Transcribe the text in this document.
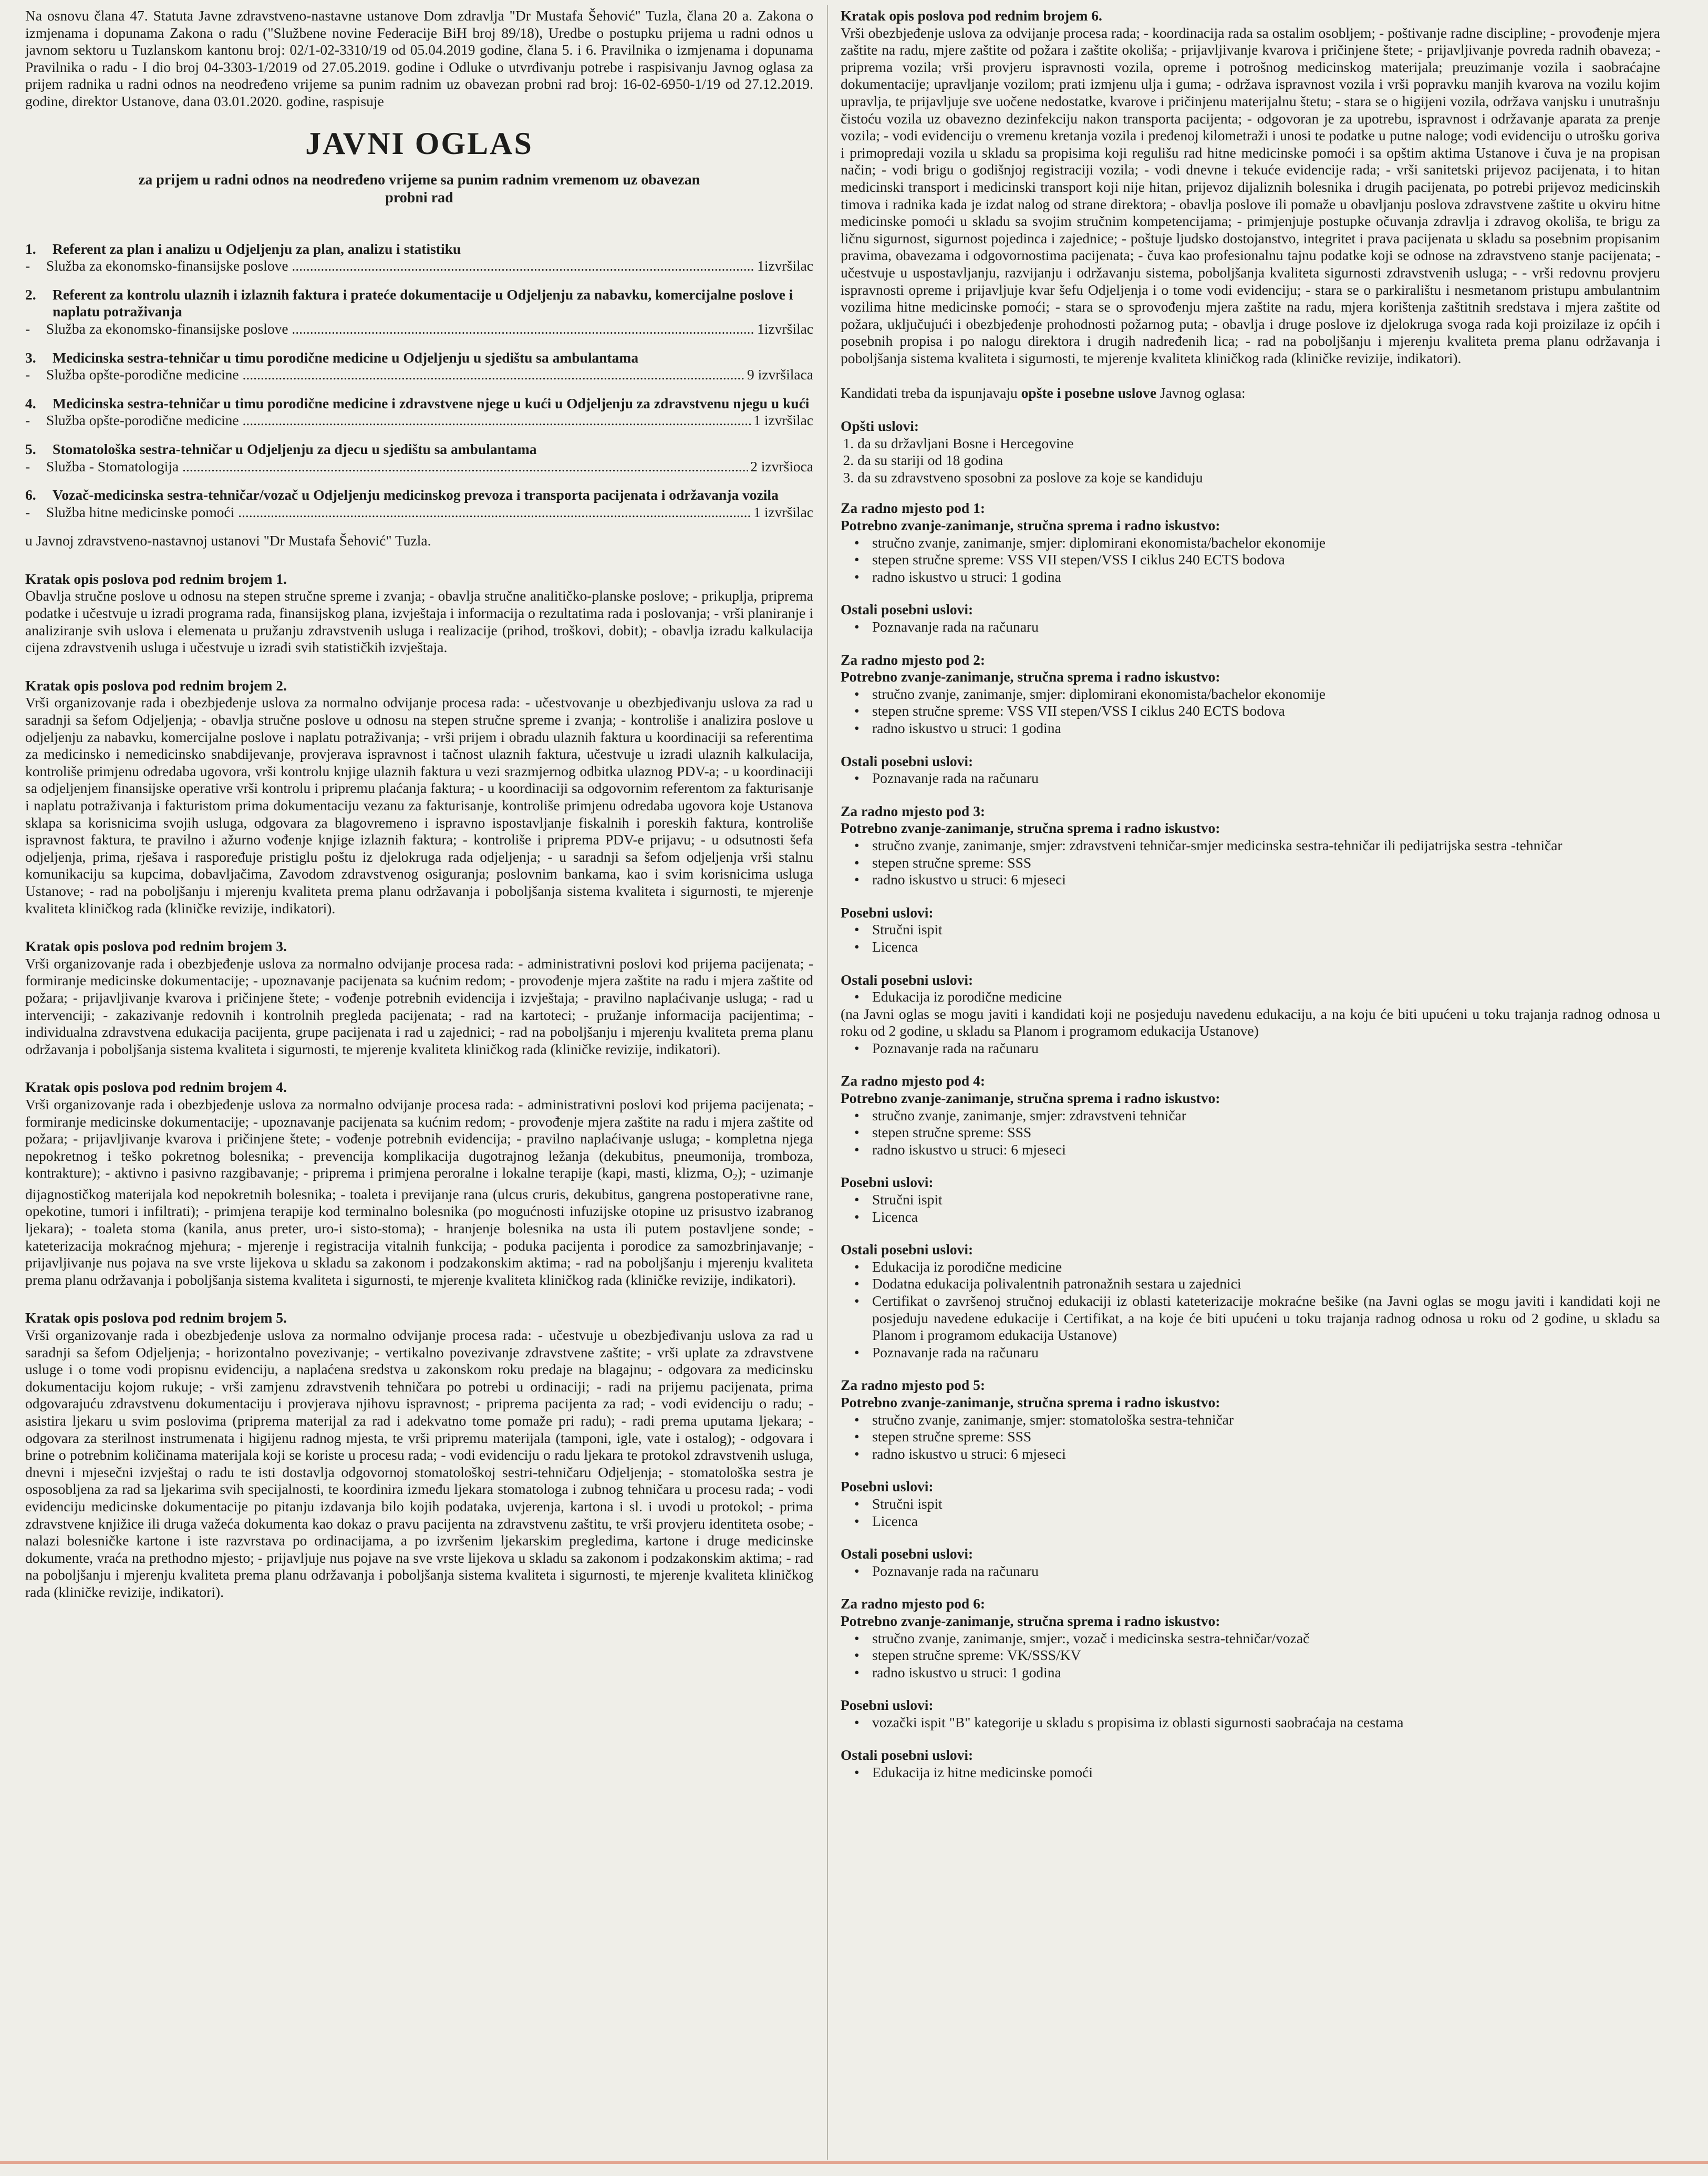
Na osnovu člana 47. Statuta Javne zdravstveno-nastavne ustanove Dom zdravlja "Dr Mustafa Šehović" Tuzla, člana 20 a. Zakona o izmjenama i dopunama Zakona o radu ("Službene novine Federacije BiH broj 89/18), Uredbe o postupku prijema u radni odnos u javnom sektoru u Tuzlanskom kantonu broj: 02/1-02-3310/19 od 05.04.2019 godine, člana 5. i 6. Pravilnika o izmjenama i dopunama Pravilnika o radu - I dio broj 04-3303-1/2019 od 27.05.2019. godine i Odluke o utvrđivanju potrebe i raspisivanju Javnog oglasa za prijem radnika u radni odnos na neodređeno vrijeme sa punim radnim uz obavezan probni rad broj: 16-02-6950-1/19 od 27.12.2019. godine, direktor Ustanove, dana 03.01.2020. godine, raspisuje

JAVNI OGLAS
za prijem u radni odnos na neodređeno vrijeme sa punim radnim vremenom uz obavezan probni rad
1.	Referent za plan i analizu u Odjeljenju za plan, analizu i statistiku
-	Služba za ekonomsko-finansijske poslove .....	1izvršilac
2.	Referent za kontrolu ulaznih i izlaznih faktura i prateće dokumentacije u Odjeljenju za nabavku, komercijalne poslove i naplatu potraživanja
-	Služba za ekonomsko-finansijske poslove .....	1izvršilac
3.	Medicinska sestra-tehničar u timu porodične medicine u Odjeljenju u sjedištu sa ambulantama
-	Služba opšte-porodične medicine .....	9 izvršilaca
4.	Medicinska sestra-tehničar u timu porodične medicine i zdravstvene njege u kući u Odjeljenju za zdravstvenu njegu u kući
-	Služba opšte-porodične medicine .....	1 izvršilac
5.	Stomatološka sestra-tehničar u Odjeljenju za djecu u sjedištu sa ambulantama
-	Služba - Stomatologija .....	2 izvršioca
6.	Vozač-medicinska sestra-tehničar/vozač u Odjeljenju medicinskog prevoza i transporta pacijenata i održavanja vozila
-	Služba hitne medicinske pomoći .....	1 izvršilac

u Javnoj zdravstveno-nastavnoj ustanovi "Dr Mustafa Šehović" Tuzla.

Kratak opis poslova pod rednim brojem 1.

Obavlja stručne poslove u odnosu na stepen stručne spreme i zvanja; - obavlja stručne analitičko-planske poslove; - prikuplja, priprema podatke i učestvuje u izradi programa rada, finansijskog plana, izvještaja i informacija o rezultatima rada i poslovanja; - vrši planiranje i analiziranje svih uslova i elemenata u pružanju zdravstvenih usluga i realizacije (prihod, troškovi, dobit); - obavlja izradu kalkulacija cijena zdravstvenih usluga i učestvuje u izradi svih statističkih izvještaja.

Kratak opis poslova pod rednim brojem 2.

Vrši organizovanje rada i obezbjeđenje uslova za normalno odvijanje procesa rada: - učestvovanje u obezbjeđivanju uslova za rad u saradnji sa šefom Odjeljenja; - obavlja stručne poslove u odnosu na stepen stručne spreme i zvanja; - kontroliše i analizira poslove u odjeljenju za nabavku, komercijalne poslove i naplatu potraživanja; - vrši prijem i obradu ulaznih faktura u koordinaciji sa referentima za medicinsko i nemedicinsko snabdijevanje, provjerava ispravnost i tačnost ulaznih faktura, učestvuje u izradi ulaznih kalkulacija, kontroliše primjenu odredaba ugovora, vrši kontrolu knjige ulaznih faktura u vezi srazmjernog odbitka ulaznog PDV-a; - u koordinaciji sa odjeljenjem finansijske operative vrši kontrolu i pripremu plaćanja faktura; - u koordinaciji sa odgovornim referentom za fakturisanje i naplatu potraživanja i fakturistom prima dokumentaciju vezanu za fakturisanje, kontroliše primjenu odredaba ugovora koje Ustanova sklapa sa korisnicima svojih usluga, odgovara za blagovremeno i ispravno ispostavljanje fiskalnih i poreskih faktura, kontroliše ispravnost faktura, te pravilno i ažurno vođenje knjige izlaznih faktura; - kontroliše i priprema PDV-e prijavu; - u odsutnosti šefa odjeljenja, prima, rješava i raspoređuje pristiglu poštu iz djelokruga rada odjeljenja; - u saradnji sa šefom odjeljenja vrši stalnu komunikaciju sa kupcima, dobavljačima, Zavodom zdravstvenog osiguranja; poslovnim bankama, kao i svim korisnicima usluga Ustanove; - rad na poboljšanju i mjerenju kvaliteta prema planu održavanja i poboljšanja sistema kvaliteta i sigurnosti, te mjerenje kvaliteta kliničkog rada (kliničke revizije, indikatori).

Kratak opis poslova pod rednim brojem 3.

Vrši organizovanje rada i obezbjeđenje uslova za normalno odvijanje procesa rada: - administrativni poslovi kod prijema pacijenata; - formiranje medicinske dokumentacije; - upoznavanje pacijenata sa kućnim redom; - provođenje mjera zaštite na radu i mjera zaštite od požara; - prijavljivanje kvarova i pričinjene štete; - vođenje potrebnih evidencija i izvještaja; - pravilno naplaćivanje usluga; - rad u intervenciji; - zakazivanje redovnih i kontrolnih pregleda pacijenata; - rad na kartoteci; - pružanje informacija pacijentima; - individualna zdravstvena edukacija pacijenta, grupe pacijenata i rad u zajednici; - rad na poboljšanju i mjerenju kvaliteta prema planu održavanja i poboljšanja sistema kvaliteta i sigurnosti, te mjerenje kvaliteta kliničkog rada (kliničke revizije, indikatori).

Kratak opis poslova pod rednim brojem 4.

Vrši organizovanje rada i obezbjeđenje uslova za normalno odvijanje procesa rada: - administrativni poslovi kod prijema pacijenata; - formiranje medicinske dokumentacije; - upoznavanje pacijenata sa kućnim redom; - provođenje mjera zaštite na radu i mjera zaštite od požara; - prijavljivanje kvarova i pričinjene štete; - vođenje potrebnih evidencija; - pravilno naplaćivanje usluga; - kompletna njega nepokretnog i teško pokretnog bolesnika; - prevencija komplikacija dugotrajnog ležanja (dekubitus, pneumonija, tromboza, kontrakture); - aktivno i pasivno razgibavanje; - priprema i primjena peroralne i lokalne terapije (kapi, masti, klizma, $O_2$); - uzimanje dijagnostičkog materijala kod nepokretnih bolesnika; - toaleta i previjanje rana (ulcus cruris, dekubitus, gangrena postoperativne rane, opekotine, tumori i infiltrati); - primjena terapije kod terminalno bolesnika (po mogućnosti infuzijske otopine uz prisustvo izabranog ljekara); - toaleta stoma (kanila, anus preter, uro-i sisto-stoma); - hranjenje bolesnika na usta ili putem postavljene sonde; - kateterizacija mokraćnog mjehura; - mjerenje i registracija vitalnih funkcija; - poduka pacijenta i porodice za samozbrinjavanje; - prijavljivanje nus pojava na sve vrste lijekova u skladu sa zakonom i podzakonskim aktima; - rad na poboljšanju i mjerenju kvaliteta prema planu održavanja i poboljšanja sistema kvaliteta i sigurnosti, te mjerenje kvaliteta kliničkog rada (kliničke revizije, indikatori).

Kratak opis poslova pod rednim brojem 5.

Vrši organizovanje rada i obezbjeđenje uslova za normalno odvijanje procesa rada: - učestvuje u obezbjeđivanju uslova za rad u saradnji sa šefom Odjeljenja; - horizontalno povezivanje; - vertikalno povezivanje zdravstvene zaštite; - vrši uplate za zdravstvene usluge i o tome vodi propisnu evidenciju, a naplaćena sredstva u zakonskom roku predaje na blagajnu; - odgovara za medicinsku dokumentaciju kojom rukuje; - vrši zamjenu zdravstvenih tehničara po potrebi u ordinaciji; - radi na prijemu pacijenata, prima odgovarajuću zdravstvenu dokumentaciju i provjerava njihovu ispravnost; - priprema pacijenta za rad; - vodi evidenciju o radu; - asistira ljekaru u svim poslovima (priprema materijal za rad i adekvatno tome pomaže pri radu); - radi prema uputama ljekara; - odgovara za sterilnost instrumenata i higijenu radnog mjesta, te vrši pripremu materijala (tamponi, igle, vate i ostalog); - odgovara i brine o potrebnim količinama materijala koji se koriste u procesu rada; - vodi evidenciju o radu ljekara te protokol zdravstvenih usluga, dnevni i mjesečni izvještaj o radu te isti dostavlja odgovornoj stomatološkoj sestri-tehničaru Odjeljenja; - stomatološka sestra je osposobljena za rad sa ljekarima svih specijalnosti, te koordinira između ljekara stomatologa i zubnog tehničara u procesu rada; - vodi evidenciju medicinske dokumentacije po pitanju izdavanja bilo kojih podataka, uvjerenja, kartona i sl. i uvodi u protokol; - prima zdravstvene knjižice ili druga važeća dokumenta kao dokaz o pravu pacijenta na zdravstvenu zaštitu, te vrši provjeru identiteta osobe; - nalazi bolesničke kartone i iste razvrstava po ordinacijama, a po izvršenim ljekarskim pregledima, kartone i druge medicinske dokumente, vraća na prethodno mjesto; - prijavljuje nus pojave na sve vrste lijekova u skladu sa zakonom i podzakonskim aktima; - rad na poboljšanju i mjerenju kvaliteta prema planu održavanja i poboljšanja sistema kvaliteta i sigurnosti, te mjerenje kvaliteta kliničkog rada (kliničke revizije, indikatori).

Kratak opis poslova pod rednim brojem 6.

Vrši obezbjeđenje uslova za odvijanje procesa rada; - koordinacija rada sa ostalim osobljem; - poštivanje radne discipline; - provođenje mjera zaštite na radu, mjere zaštite od požara i zaštite okoliša; - prijavljivanje kvarova i pričinjene štete; - prijavljivanje povreda radnih obaveza; - priprema vozila; vrši provjeru ispravnosti vozila, opreme i potrošnog medicinskog materijala; preuzimanje vozila i saobraćajne dokumentacije; upravljanje vozilom; prati izmjenu ulja i guma; - održava ispravnost vozila i vrši popravku manjih kvarova na vozilu kojim upravlja, te prijavljuje sve uočene nedostatke, kvarove i pričinjenu materijalnu štetu; - stara se o higijeni vozila, održava vanjsku i unutrašnju čistoću vozila uz obavezno dezinfekciju nakon transporta pacijenta; - odgovoran je za upotrebu, ispravnost i održavanje aparata za prenje vozila; - vodi evidenciju o vremenu kretanja vozila i pređenoj kilometraži i unosi te podatke u putne naloge; vodi evidenciju o utrošku goriva i primopredaji vozila u skladu sa propisima koji regulišu rad hitne medicinske pomoći i sa opštim aktima Ustanove i čuva je na propisan način; - vodi brigu o godišnjoj registraciji vozila; - vodi dnevne i tekuće evidencije rada; - vrši sanitetski prijevoz pacijenata, i to hitan medicinski transport i medicinski transport koji nije hitan, prijevoz dijaliznih bolesnika i drugih pacijenata, po potrebi prijevoz medicinskih timova i radnika kada je izdat nalog od strane direktora; - obavlja poslove ili pomaže u obavljanju poslova zdravstvene zaštite u okviru hitne medicinske pomoći u skladu sa svojim stručnim kompetencijama; - primjenjuje postupke očuvanja zdravlja i zdravog okoliša, te brigu za ličnu sigurnost, sigurnost pojedinca i zajednice; - poštuje ljudsko dostojanstvo, integritet i prava pacijenata u skladu sa posebnim propisanim pravima, obavezama i odgovornostima pacijenata; - čuva kao profesionalnu tajnu podatke koji se odnose na zdravstveno stanje pacijenata; - učestvuje u uspostavljanju, razvijanju i održavanju sistema, poboljšanja kvaliteta sigurnosti zdravstvenih usluga; - - vrši redovnu provjeru ispravnosti opreme i prijavljuje kvar šefu Odjeljenja i o tome vodi evidenciju; - stara se o parkiralištu i nesmetanom pristupu ambulantnim vozilima hitne medicinske pomoći; - stara se o sprovođenju mjera zaštite na radu, mjera korištenja zaštitnih sredstava i mjera zaštite od požara, uključujući i obezbjeđenje prohodnosti požarnog puta; - obavlja i druge poslove iz djelokruga svoga rada koji proizilaze iz općih i posebnih propisa i po nalogu direktora i drugih nadređenih lica; - rad na poboljšanju i mjerenju kvaliteta prema planu održavanja i poboljšanja sistema kvaliteta i sigurnosti, te mjerenje kvaliteta kliničkog rada (kliničke revizije, indikatori).

Kandidati treba da ispunjavaju opšte i posebne uslove Javnog oglasa:

Opšti uslovi:
1. da su državljani Bosne i Hercegovine
2. da su stariji od 18 godina
3. da su zdravstveno sposobni za poslove za koje se kandiduju
Za radno mjesto pod 1:
Potrebno zvanje-zanimanje, stručna sprema i radno iskustvo:
• stručno zvanje, zanimanje, smjer: diplomirani ekonomista/bachelor ekonomije
• stepen stručne spreme: VSS VII stepen/VSS I ciklus 240 ECTS bodova
• radno iskustvo u struci: 1 godina
Ostali posebni uslovi:
• Poznavanje rada na računaru
Za radno mjesto pod 2:
Potrebno zvanje-zanimanje, stručna sprema i radno iskustvo:
• stručno zvanje, zanimanje, smjer: diplomirani ekonomista/bachelor ekonomije
• stepen stručne spreme: VSS VII stepen/VSS I ciklus 240 ECTS bodova
• radno iskustvo u struci: 1 godina
Ostali posebni uslovi:
• Poznavanje rada na računaru
Za radno mjesto pod 3:
Potrebno zvanje-zanimanje, stručna sprema i radno iskustvo:
• stručno zvanje, zanimanje, smjer: zdravstveni tehničar-smjer medicinska sestra-tehničar ili pedijatrijska sestra -tehničar
• stepen stručne spreme: SSS
• radno iskustvo u struci: 6 mjeseci
Posebni uslovi:
• Stručni ispit
• Licenca
Ostali posebni uslovi:
• Edukacija iz porodične medicine

(na Javni oglas se mogu javiti i kandidati koji ne posjeduju navedenu edukaciju, a na koju će biti upućeni u toku trajanja radnog odnosa u roku od 2 godine, u skladu sa Planom i programom edukacija Ustanove)

• Poznavanje rada na računaru
Za radno mjesto pod 4:
Potrebno zvanje-zanimanje, stručna sprema i radno iskustvo:
• stručno zvanje, zanimanje, smjer: zdravstveni tehničar
• stepen stručne spreme: SSS
• radno iskustvo u struci: 6 mjeseci
Posebni uslovi:
• Stručni ispit
• Licenca
Ostali posebni uslovi:
• Edukacija iz porodične medicine
• Dodatna edukacija polivalentnih patronažnih sestara u zajednici
• Certifikat o završenoj stručnoj edukaciji iz oblasti kateterizacije mokraćne bešike (na Javni oglas se mogu javiti i kandidati koji ne posjeduju navedene edukacije i Certifikat, a na koje će biti upućeni u toku trajanja radnog odnosa u roku od 2 godine, u skladu sa Planom i programom edukacija Ustanove)
• Poznavanje rada na računaru
Za radno mjesto pod 5:
Potrebno zvanje-zanimanje, stručna sprema i radno iskustvo:
• stručno zvanje, zanimanje, smjer: stomatološka sestra-tehničar
• stepen stručne spreme: SSS
• radno iskustvo u struci: 6 mjeseci
Posebni uslovi:
• Stručni ispit
• Licenca
Ostali posebni uslovi:
• Poznavanje rada na računaru
Za radno mjesto pod 6:
Potrebno zvanje-zanimanje, stručna sprema i radno iskustvo:
• stručno zvanje, zanimanje, smjer:, vozač i medicinska sestra-tehničar/vozač
• stepen stručne spreme: VK/SSS/KV
• radno iskustvo u struci: 1 godina
Posebni uslovi:
• vozački ispit "B" kategorije u skladu s propisima iz oblasti sigurnosti saobraćaja na cestama
Ostali posebni uslovi:
• Edukacija iz hitne medicinske pomoći
